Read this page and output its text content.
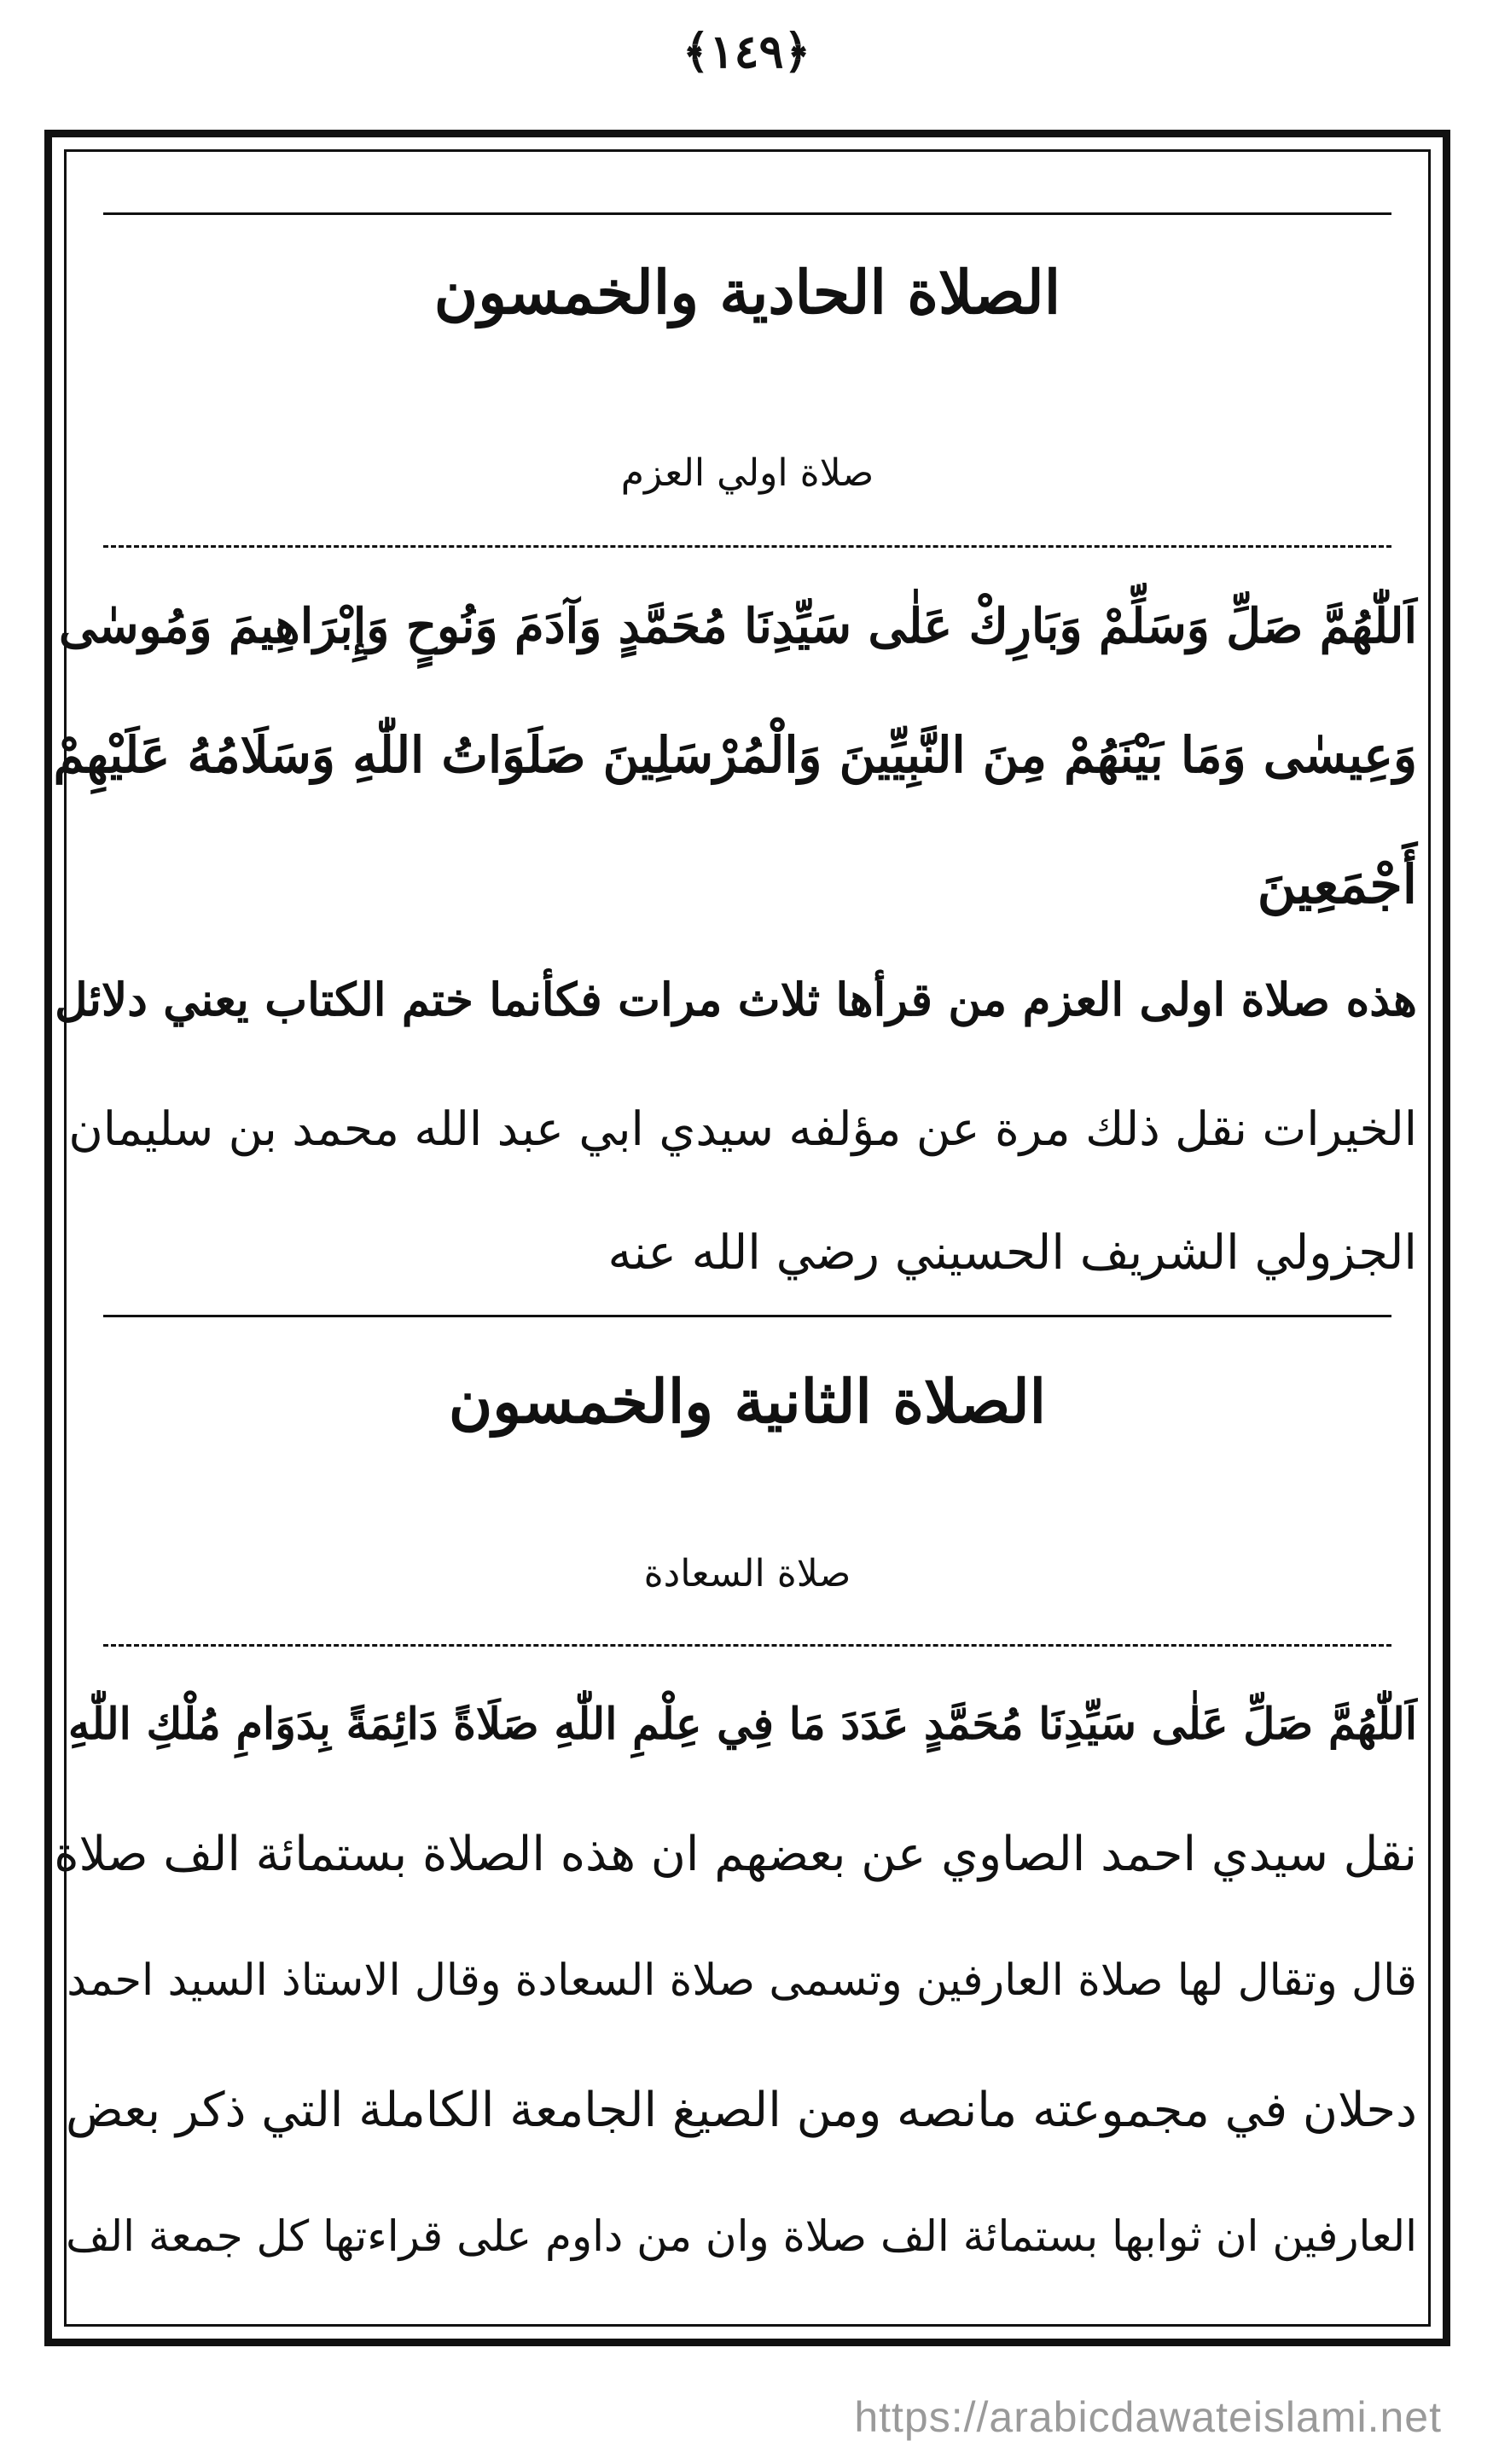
﴿١٤٩﴾
الصلاة الحادية والخمسون
صلاة اولي العزم
اَللّٰهُمَّ صَلِّ وَسَلِّمْ وَبَارِكْ عَلٰى سَيِّدِنَا مُحَمَّدٍ وَآدَمَ وَنُوحٍ وَإِبْرَاهِيمَ وَمُوسٰى
وَعِيسٰى وَمَا بَيْنَهُمْ مِنَ النَّبِيِّينَ وَالْمُرْسَلِينَ صَلَوَاتُ اللّٰهِ وَسَلَامُهُ عَلَيْهِمْ
أَجْمَعِينَ
هذه صلاة اولى العزم من قرأها ثلاث مرات فكأنما ختم الكتاب يعني دلائل
الخيرات نقل ذلك مرة عن مؤلفه سيدي ابي عبد الله محمد بن سليمان
الجزولي الشريف الحسيني رضي الله عنه
الصلاة الثانية والخمسون
صلاة السعادة
اَللّٰهُمَّ صَلِّ عَلٰى سَيِّدِنَا مُحَمَّدٍ عَدَدَ مَا فِي عِلْمِ اللّٰهِ صَلَاةً دَائِمَةً بِدَوَامِ مُلْكِ اللّٰهِ
نقل سيدي احمد الصاوي عن بعضهم ان هذه الصلاة بستمائة الف صلاة
قال وتقال لها صلاة العارفين وتسمى صلاة السعادة وقال الاستاذ السيد احمد
دحلان في مجموعته مانصه ومن الصيغ الجامعة الكاملة التي ذكر بعض
العارفين ان ثوابها بستمائة الف صلاة وان من داوم على قراءتها كل جمعة الف
https://arabicdawateislami.net
